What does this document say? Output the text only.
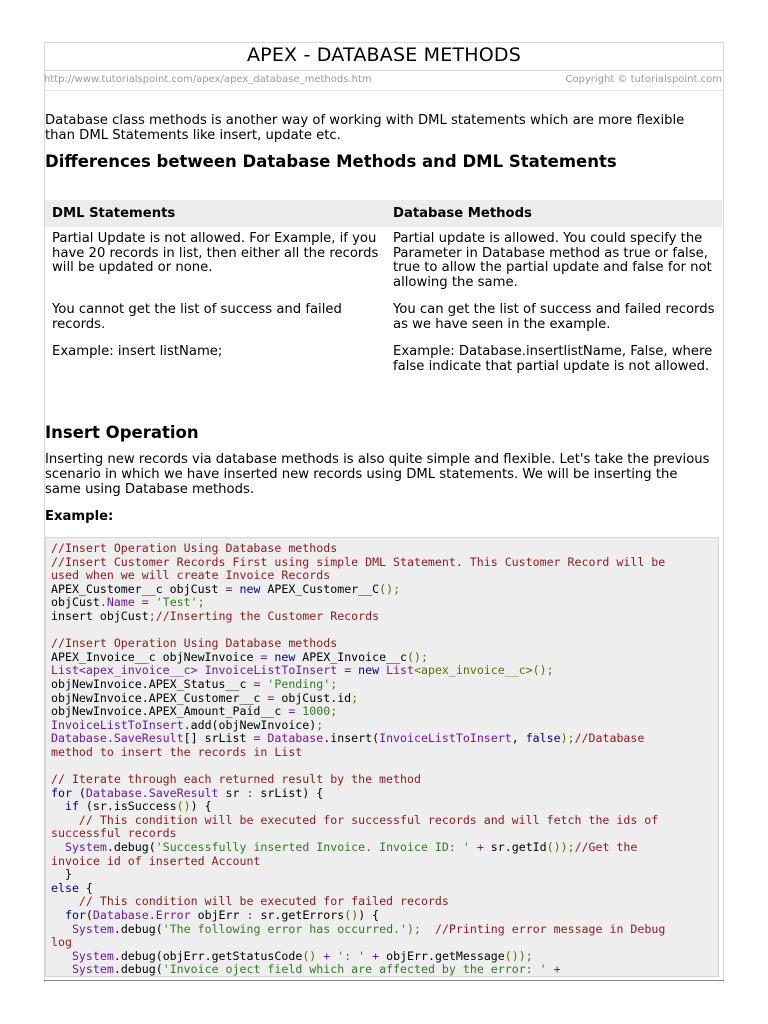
APEX - DATABASE METHODS
http://www.tutorialspoint.com/apex/apex_database_methods.htm	Copyright © tutorialspoint.com
Database class methods is another way of working with DML statements which are more flexible than DML Statements like insert, update etc.
Differences between Database Methods and DML Statements
DML Statements	Database Methods
Partial Update is not allowed. For Example, if you have 20 records in list, then either all the records will be updated or none.	Partial update is allowed. You could specify the Parameter in Database method as true or false, true to allow the partial update and false for not allowing the same.
You cannot get the list of success and failed records.	You can get the list of success and failed records as we have seen in the example.
Example: insert listName;	Example: Database.insertlistName, False, where false indicate that partial update is not allowed.
Insert Operation
Inserting new records via database methods is also quite simple and flexible. Let's take the previous scenario in which we have inserted new records using DML statements. We will be inserting the same using Database methods.
Example:
//Insert Operation Using Database methods
//Insert Customer Records First using simple DML Statement. This Customer Record will be
used when we will create Invoice Records
APEX_Customer__c objCust = new APEX_Customer__C();
objCust.Name = 'Test';
insert objCust;//Inserting the Customer Records
//Insert Operation Using Database methods
APEX_Invoice__c objNewInvoice = new APEX_Invoice__c();
List<apex_invoice__c> InvoiceListToInsert = new List<apex_invoice__c>();
objNewInvoice.APEX_Status__c = 'Pending';
objNewInvoice.APEX_Customer__c = objCust.id;
objNewInvoice.APEX_Amount_Paid__c = 1000;
InvoiceListToInsert.add(objNewInvoice);
Database.SaveResult[] srList = Database.insert(InvoiceListToInsert, false);//Database
method to insert the records in List
// Iterate through each returned result by the method
for (Database.SaveResult sr : srList) {
if (sr.isSuccess()) {
// This condition will be executed for successful records and will fetch the ids of
successful records
System.debug('Successfully inserted Invoice. Invoice ID: ' + sr.getId());//Get the
invoice id of inserted Account
}
else {
// This condition will be executed for failed records
for(Database.Error objErr : sr.getErrors()) {
System.debug('The following error has occurred.'); //Printing error message in Debug
log
System.debug(objErr.getStatusCode() + ': ' + objErr.getMessage());
System.debug('Invoice oject field which are affected by the error: ' +
